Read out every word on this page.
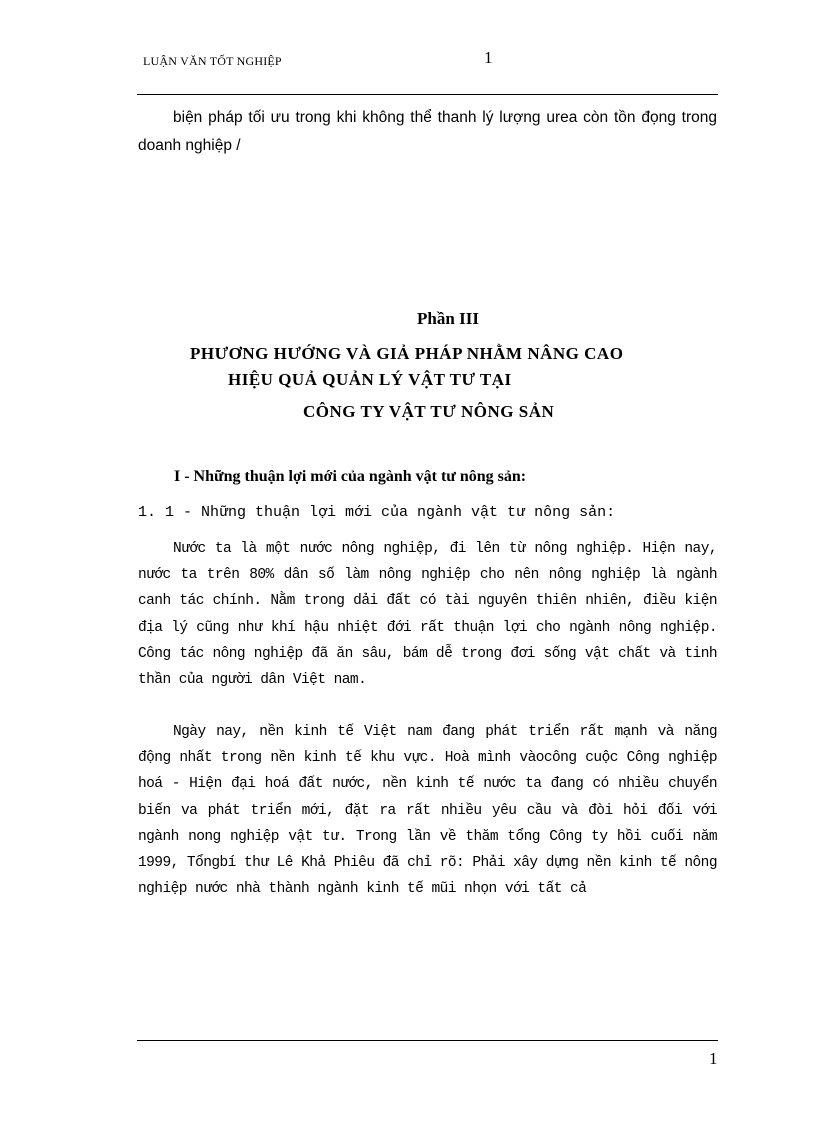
LUẬN VĂN TỐT NGHIỆP	1
biện pháp tối ưu trong khi không thể thanh lý lượng urea còn tồn đọng trong doanh nghiệp /
Phần III
PHƯƠNG HƯỚNG VÀ GIẢ PHÁP NHẰM NÂNG CAO
HIỆU QUẢ QUẢN LÝ VẬT TƯ TẠI
CÔNG TY VẬT TƯ NÔNG SẢN
I - Những thuận lợi mới của ngành vật tư nông sản:
1. 1 - Những thuận lợi mới của ngành vật tư nông sản:

Nước ta là một nước nông nghiệp, đi lên từ nông nghiệp. Hiện nay, nước ta trên 80% dân số làm nông nghiệp cho nên nông nghiệp là ngành canh tác chính. Nằm trong dải đất có tài nguyên thiên nhiên, điều kiện địa lý cũng như khí hậu nhiệt đới rất thuận lợi cho ngành nông nghiệp. Công tác nông nghiệp đã ăn sâu, bám dễ trong đơi sống vật chất và tinh thần của người dân Việt nam.

Ngày nay, nền kinh tế Việt nam đang phát triển rất mạnh và năng động nhất trong nền kinh tế khu vực. Hoà mình vàocông cuộc Công nghiệp hoá - Hiện đại hoá đất nước, nền kinh tế nước ta đang có nhiều chuyển biến va phát triển mới, đặt ra rất nhiều yêu cầu và đòi hỏi đối với ngành nong nghiệp vật tư. Trong lần về thăm tổng Công ty hồi cuối năm 1999, Tổngbí thư Lê Khả Phiêu đã chỉ rõ: Phải xây dựng nền kinh tế nông nghiệp nước nhà thành ngành kinh tế mũi nhọn với tất cả

1
